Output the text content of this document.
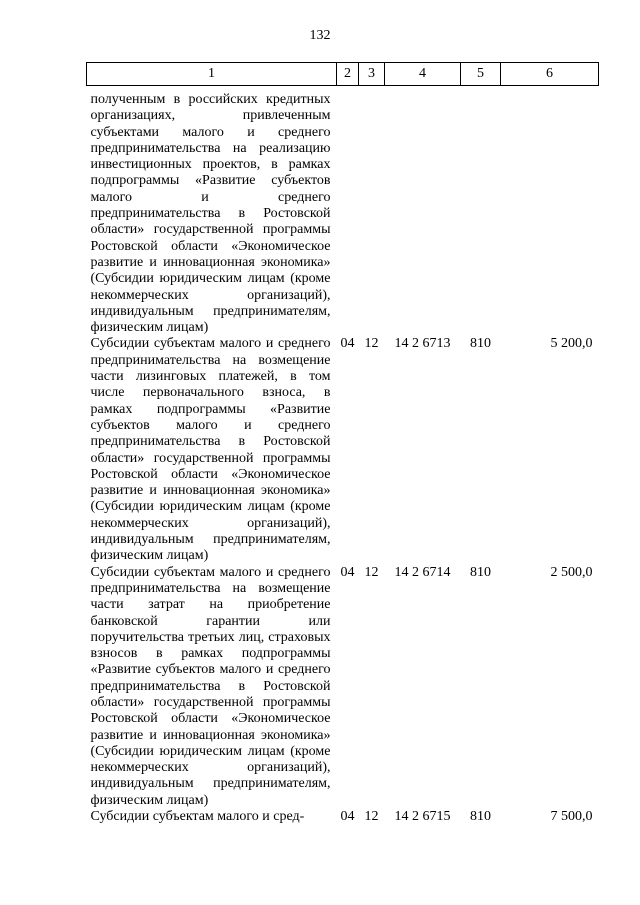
132
1	2	3	4	5	6

полученным в российских кредитных организациях, привлеченным субъектами малого и среднего предпринимательства на реализацию инвестиционных проектов, в рамках подпрограммы «Развитие субъектов малого и среднего предпринимательства в Ростовской области» государственной программы Ростовской области «Экономическое развитие и инновационная экономика» (Субсидии юридическим лицам (кроме некоммерческих организаций), индивидуальным предпринимателям, физическим лицам)					
Субсидии субъектам малого и среднего предпринимательства на возмещение части лизинговых платежей, в том числе первоначального взноса, в рамках подпрограммы «Развитие субъектов малого и среднего предпринимательства в Ростовской области» государственной программы Ростовской области «Экономическое развитие и инновационная экономика» (Субсидии юридическим лицам (кроме некоммерческих организаций), индивидуальным предпринимателям, физическим лицам)	04	12	14 2 6713	810	5 200,0
Субсидии субъектам малого и среднего предпринимательства на возмещение части затрат на приобретение банковской гарантии или поручительства третьих лиц, страховых взносов в рамках подпрограммы «Развитие субъектов малого и среднего предпринимательства в Ростовской области» государственной программы Ростовской области «Экономическое развитие и инновационная экономика» (Субсидии юридическим лицам (кроме некоммерческих организаций), индивидуальным предпринимателям, физическим лицам)	04	12	14 2 6714	810	2 500,0
Субсидии субъектам малого и сред-	04	12	14 2 6715	810	7 500,0
